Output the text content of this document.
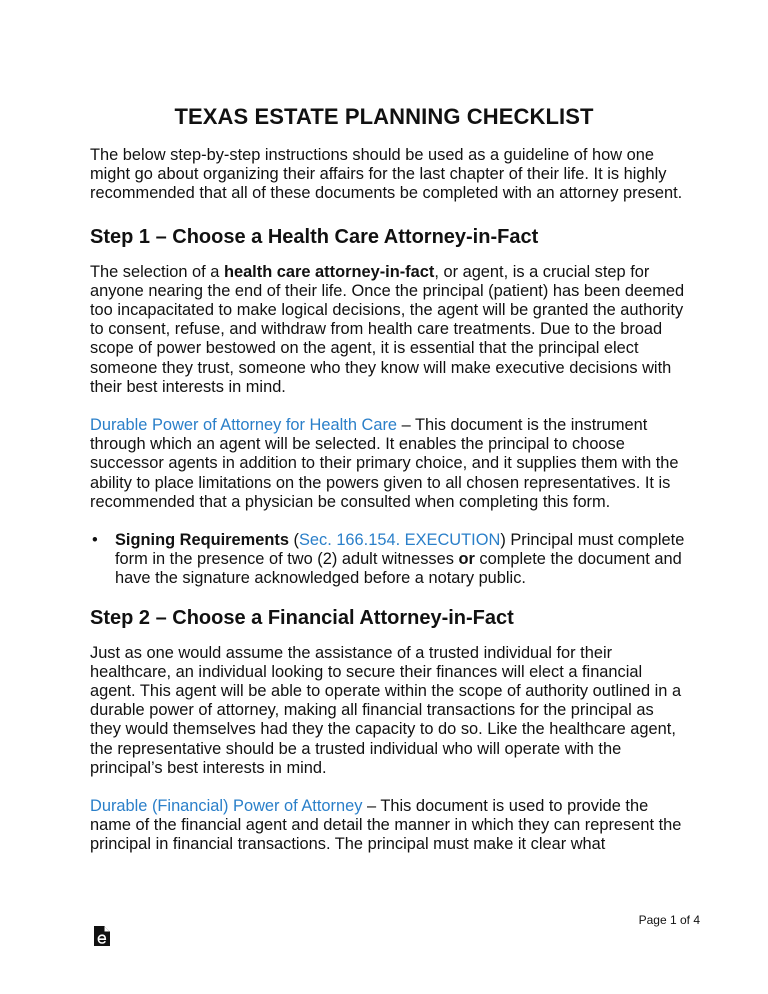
TEXAS ESTATE PLANNING CHECKLIST

The below step-by-step instructions should be used as a guideline of how one might go about organizing their affairs for the last chapter of their life. It is highly recommended that all of these documents be completed with an attorney present.

Step 1 – Choose a Health Care Attorney-in-Fact

The selection of a health care attorney-in-fact, or agent, is a crucial step for anyone nearing the end of their life. Once the principal (patient) has been deemed too incapacitated to make logical decisions, the agent will be granted the authority to consent, refuse, and withdraw from health care treatments. Due to the broad scope of power bestowed on the agent, it is essential that the principal elect someone they trust, someone who they know will make executive decisions with their best interests in mind.

Durable Power of Attorney for Health Care – This document is the instrument through which an agent will be selected. It enables the principal to choose successor agents in addition to their primary choice, and it supplies them with the ability to place limitations on the powers given to all chosen representatives. It is recommended that a physician be consulted when completing this form.

• Signing Requirements (Sec. 166.154. EXECUTION) Principal must complete form in the presence of two (2) adult witnesses or complete the document and have the signature acknowledged before a notary public.
Step 2 – Choose a Financial Attorney-in-Fact

Just as one would assume the assistance of a trusted individual for their healthcare, an individual looking to secure their finances will elect a financial agent. This agent will be able to operate within the scope of authority outlined in a durable power of attorney, making all financial transactions for the principal as they would themselves had they the capacity to do so. Like the healthcare agent, the representative should be a trusted individual who will operate with the principal’s best interests in mind.

Durable (Financial) Power of Attorney – This document is used to provide the name of the financial agent and detail the manner in which they can represent the principal in financial transactions. The principal must make it clear what

Page 1 of 4
